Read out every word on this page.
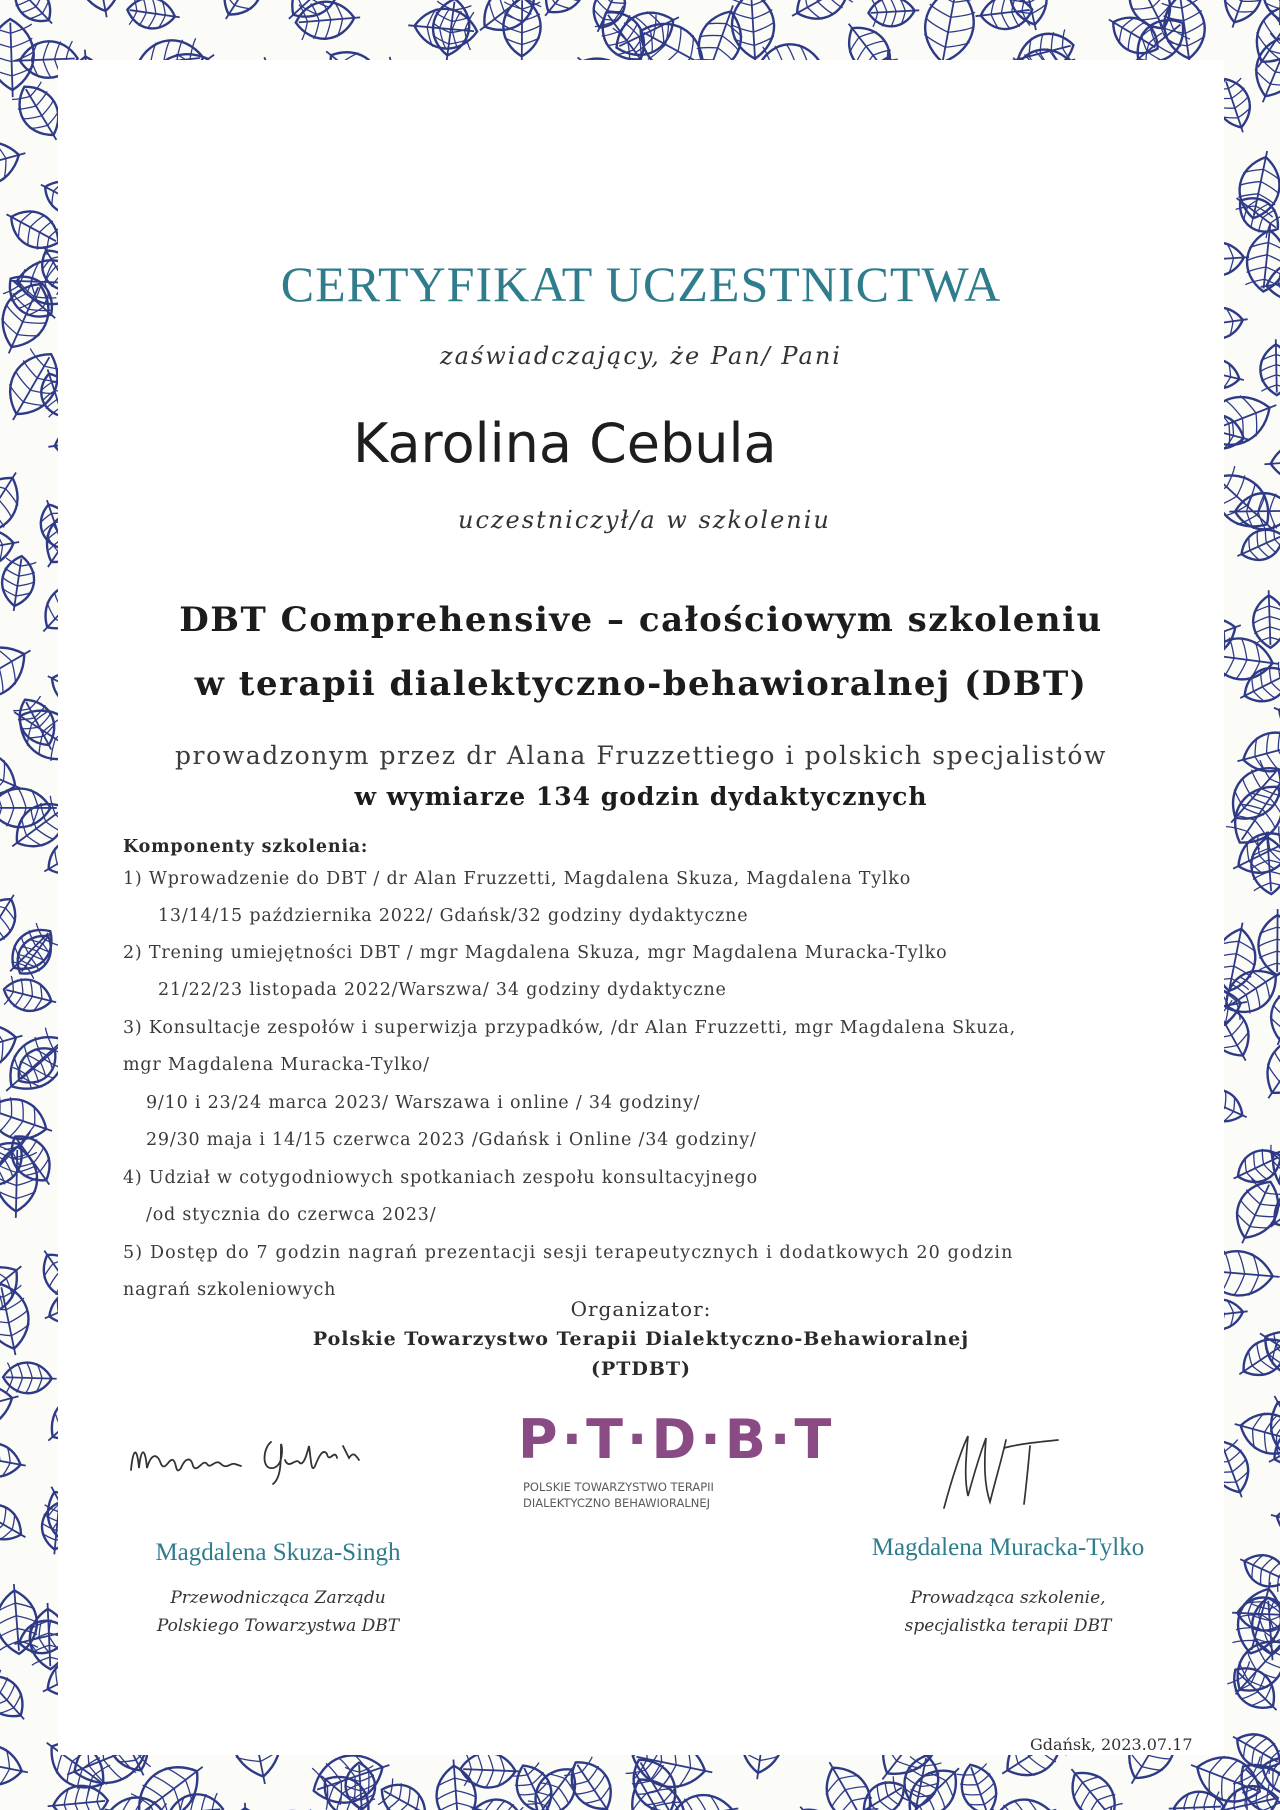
CERTYFIKAT UCZESTNICTWA
zaświadczający, że Pan/ Pani
Karolina Cebula
uczestniczył/a w szkoleniu
DBT Comprehensive – całościowym szkoleniu
w terapii dialektyczno-behawioralnej (DBT)
prowadzonym przez dr Alana Fruzzettiego i polskich specjalistów
w wymiarze 134 godzin dydaktycznych
Komponenty szkolenia:
1) Wprowadzenie do DBT / dr Alan Fruzzetti, Magdalena Skuza, Magdalena Tylko
13/14/15 października 2022/ Gdańsk/32 godziny dydaktyczne
2) Trening umiejętności DBT / mgr Magdalena Skuza, mgr Magdalena Muracka-Tylko
21/22/23 listopada 2022/Warszwa/ 34 godziny dydaktyczne
3) Konsultacje zespołów i superwizja przypadków, /dr Alan Fruzzetti, mgr Magdalena Skuza,
mgr Magdalena Muracka-Tylko/
9/10 i 23/24 marca 2023/ Warszawa i online / 34 godziny/
29/30 maja i 14/15 czerwca 2023 /Gdańsk i Online /34 godziny/
4) Udział w cotygodniowych spotkaniach zespołu konsultacyjnego
/od stycznia do czerwca 2023/
5) Dostęp do 7 godzin nagrań prezentacji sesji terapeutycznych i dodatkowych 20 godzin
nagrań szkoleniowych
Organizator:
Polskie Towarzystwo Terapii Dialektyczno-Behawioralnej
(PTDBT)
Magdalena Skuza-Singh
Przewodnicząca Zarządu
Polskiego Towarzystwa DBT
P·T·D·B·T
POLSKIE TOWARZYSTWO TERAPII
DIALEKTYCZNO BEHAWIORALNEJ
Magdalena Muracka-Tylko
Prowadząca szkolenie,
specjalistka terapii DBT
Gdańsk, 2023.07.17
